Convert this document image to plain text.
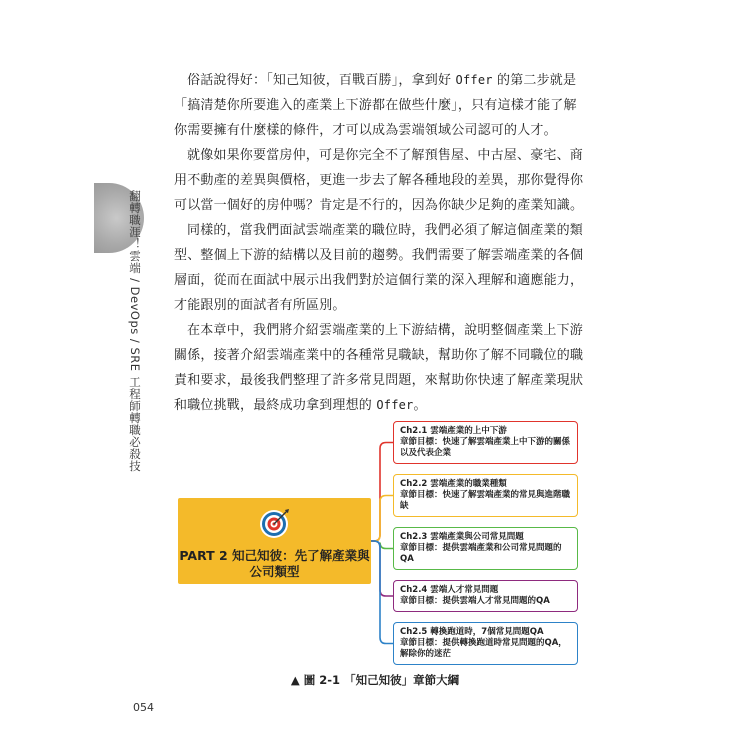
翻轉職涯！雲端 / DevOps / SRE 工程師轉職必殺技

俗話說得好：「知己知彼，百戰百勝」，拿到好 Offer 的第二步就是「搞清楚你所要進入的產業上下游都在做些什麼」，只有這樣才能了解你需要擁有什麼樣的條件，才可以成為雲端領域公司認可的人才。

就像如果你要當房仲，可是你完全不了解預售屋、中古屋、豪宅、商用不動產的差異與價格，更進一步去了解各種地段的差異，那你覺得你可以當一個好的房仲嗎？肯定是不行的，因為你缺少足夠的產業知識。

同樣的，當我們面試雲端產業的職位時，我們必須了解這個產業的類型、整個上下游的結構以及目前的趨勢。我們需要了解雲端產業的各個層面，從而在面試中展示出我們對於這個行業的深入理解和適應能力，才能跟別的面試者有所區別。

在本章中，我們將介紹雲端產業的上下游結構，說明整個產業上下游關係，接著介紹雲端產業中的各種常見職缺，幫助你了解不同職位的職責和要求，最後我們整理了許多常見問題，來幫助你快速了解產業現狀和職位挑戰，最終成功拿到理想的 Offer。

PART 2 知己知彼：先了解產業與公司類型
Ch2.1 雲端產業的上中下游
章節目標：快速了解雲端產業上中下游的關係以及代表企業
Ch2.2 雲端產業的職業種類
章節目標：快速了解雲端產業的常見與進階職缺
Ch2.3 雲端產業與公司常見問題
章節目標：提供雲端產業和公司常見問題的QA
Ch2.4 雲端人才常見問題
章節目標：提供雲端人才常見問題的QA
Ch2.5 轉換跑道時，7個常見問題QA
章節目標：提供轉換跑道時常見問題的QA，解除你的迷茫
▲ 圖 2-1 「知己知彼」章節大綱
054
